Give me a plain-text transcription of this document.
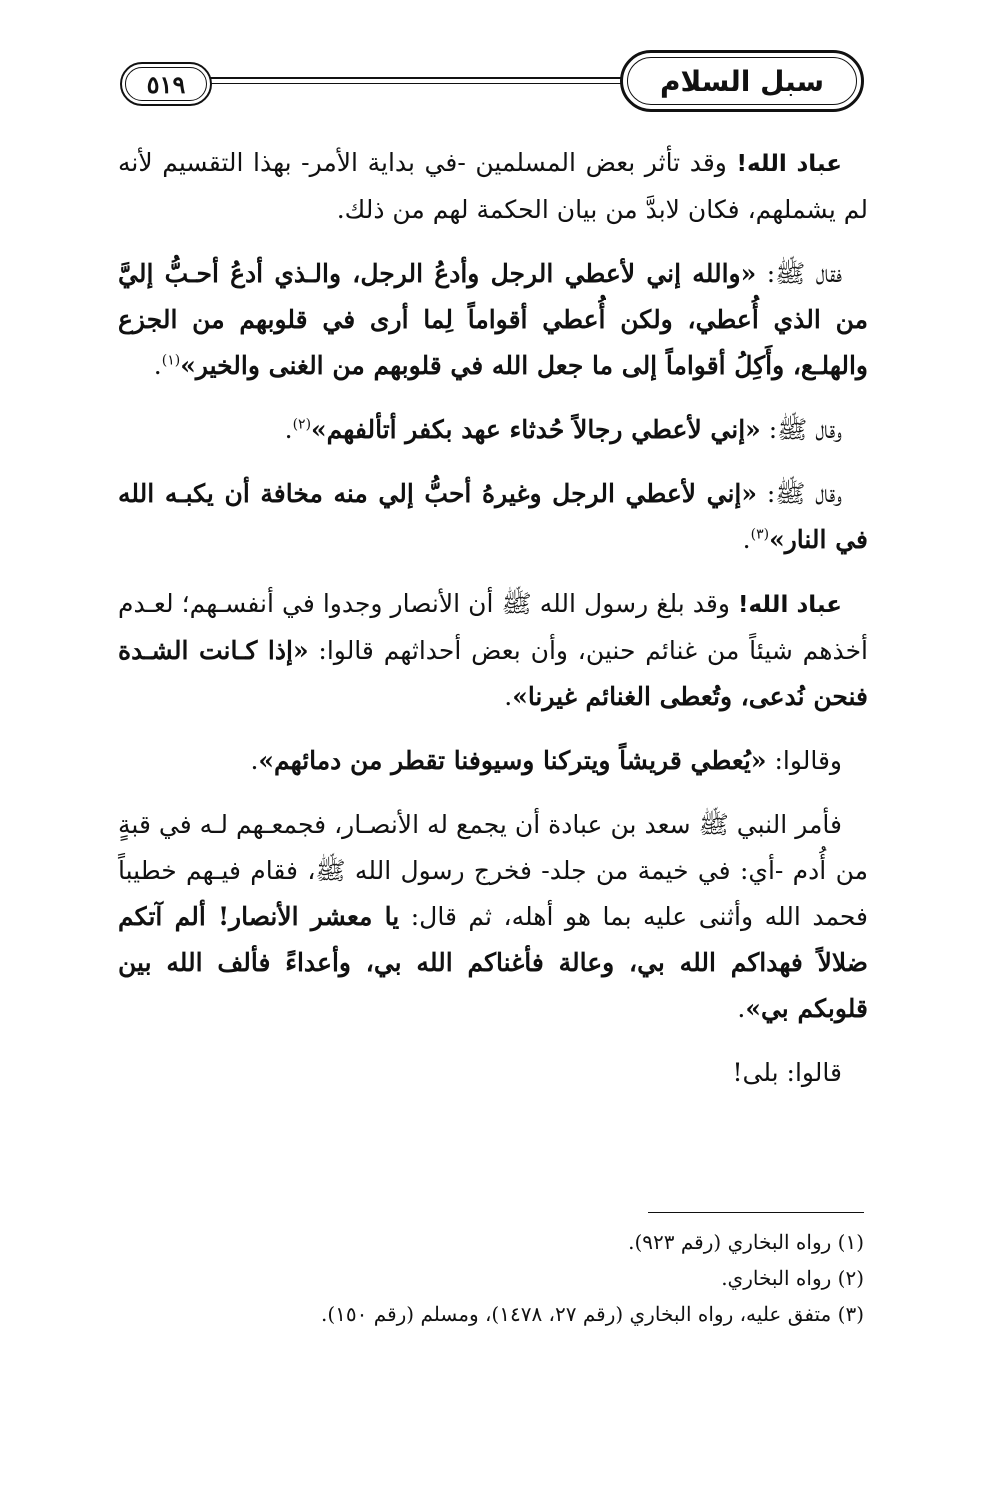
سبل السلام
٥١٩

عباد الله! وقد تأثر بعض المسلمين -في بداية الأمر- بهذا التقسيم لأنه لم يشملهم، فكان لابدَّ من بيان الحكمة لهم من ذلك.

فقال ﷺ: «والله إني لأعطي الرجل وأدعُ الرجل، والـذي أدعُ أحـبُّ إليَّ من الذي أُعطي، ولكن أُعطي أقواماً لِما أرى في قلوبهم من الجزع والهلـع، وأَكِلُ أقواماً إلى ما جعل الله في قلوبهم من الغنى والخير»$^{(١)}$.

وقال ﷺ: «إني لأعطي رجالاً حُدثاء عهد بكفر أتألفهم»$^{(٢)}$.

وقال ﷺ: «إني لأعطي الرجل وغيرهُ أحبُّ إلي منه مخافة أن يكبـه الله في النار»$^{(٣)}$.

عباد الله! وقد بلغ رسول الله ﷺ أن الأنصار وجدوا في أنفسـهم؛ لعـدم أخذهم شيئاً من غنائم حنين، وأن بعض أحداثهم قالوا: «إذا كـانت الشـدة فنحن نُدعى، وتُعطى الغنائم غيرنا».

وقالوا: «يُعطي قريشاً ويتركنا وسيوفنا تقطر من دمائهم».

فأمر النبي ﷺ سعد بن عبادة أن يجمع له الأنصـار، فجمعـهم لـه في قبةٍ من أُدم -أي: في خيمة من جلد- فخرج رسول الله ﷺ، فقام فيـهم خطيباً فحمد الله وأثنى عليه بما هو أهله، ثم قال: يا معشر الأنصار! ألم آتكم ضلالاً فهداكم الله بي، وعالة فأغناكم الله بي، وأعداءً فألف الله بين قلوبكم بي».

قالوا: بلى!

(١) رواه البخاري (رقم ٩٢٣).
(٢) رواه البخاري.
(٣) متفق عليه، رواه البخاري (رقم ٢٧، ١٤٧٨)، ومسلم (رقم ١٥٠).
